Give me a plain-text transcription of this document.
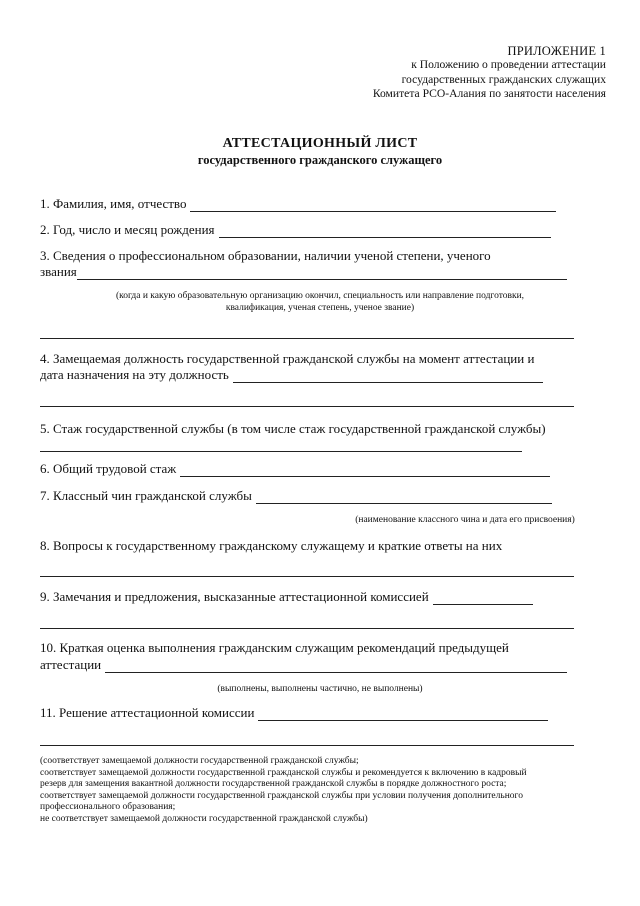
ПРИЛОЖЕНИЕ 1
к Положению о проведении аттестации
государственных гражданских служащих
Комитета РСО-Алания по занятости населения
АТТЕСТАЦИОННЫЙ ЛИСТ
государственного гражданского служащего
1. Фамилия, имя, отчество
2. Год, число и месяц рождения
3. Сведения о профессиональном образовании, наличии ученой степени, ученого
звания
(когда и какую образовательную организацию окончил, специальность или направление подготовки,
квалификация, ученая степень, ученое звание)
4. Замещаемая должность государственной гражданской службы на момент аттестации и
дата назначения на эту должность
5. Стаж государственной службы (в том числе стаж государственной гражданской службы)
6. Общий трудовой стаж
7. Классный чин гражданской службы
(наименование классного чина и дата его присвоения)
8. Вопросы к государственному гражданскому служащему и краткие ответы на них
9. Замечания и предложения, высказанные аттестационной комиссией
10. Краткая оценка выполнения гражданским служащим рекомендаций предыдущей
аттестации
(выполнены, выполнены частично, не выполнены)
11. Решение аттестационной комиссии
(соответствует замещаемой должности государственной гражданской службы;
соответствует замещаемой должности государственной гражданской службы и рекомендуется к включению в кадровый
резерв для замещения вакантной должности государственной гражданской службы в порядке должностного роста;
соответствует замещаемой должности государственной гражданской службы при условии получения дополнительного
профессионального образования;
не соответствует замещаемой должности государственной гражданской службы)
